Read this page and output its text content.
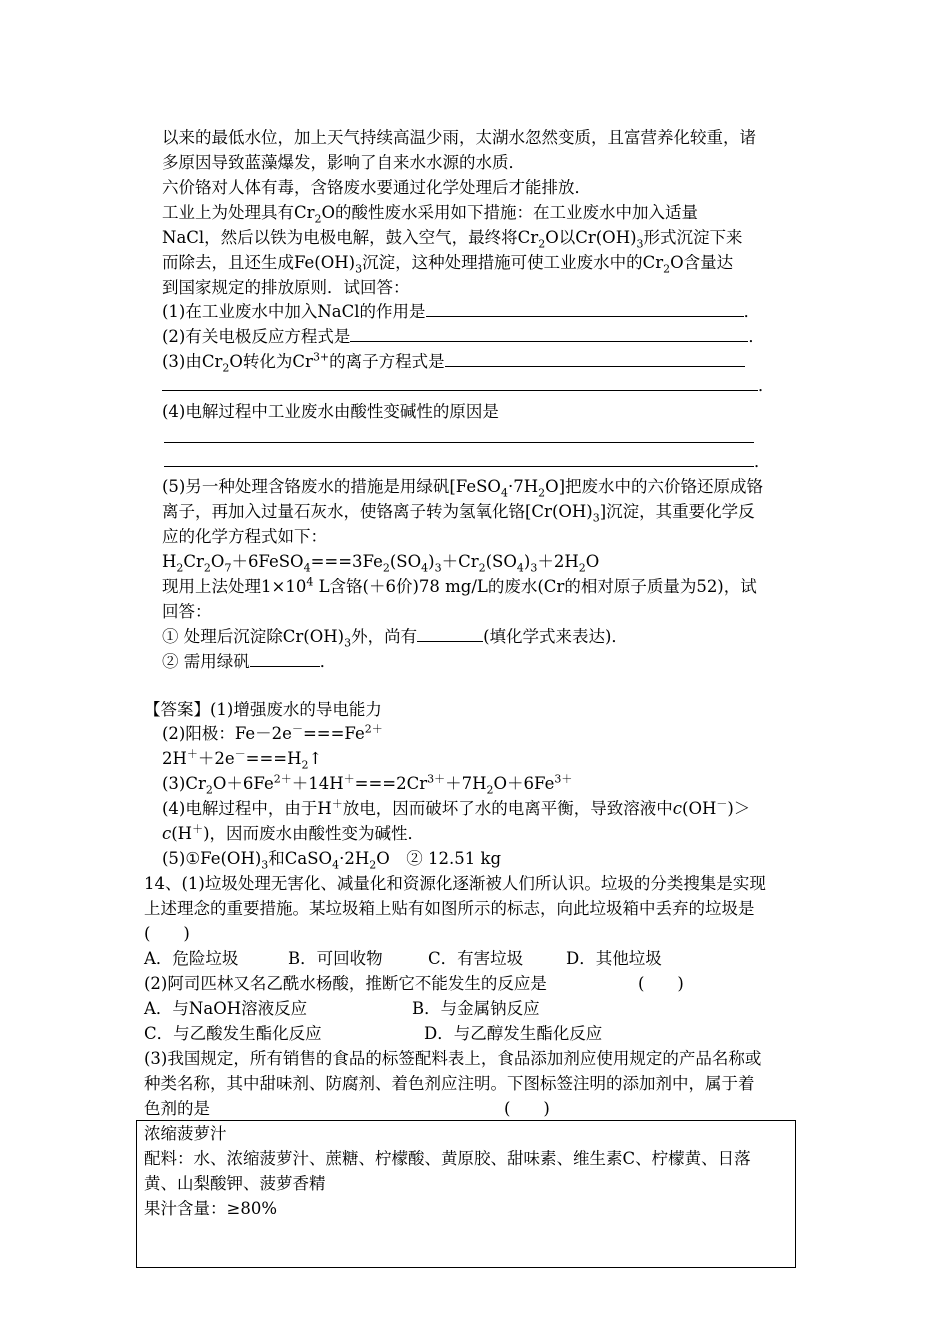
以来的最低水位，加上天气持续高温少雨，太湖水忽然变质，且富营养化较重，诸
多原因导致蓝藻爆发，影响了自来水水源的水质．
六价铬对人体有毒，含铬废水要通过化学处理后才能排放．
工业上为处理具有$Cr_2O$的酸性废水采用如下措施：在工业废水中加入适量
NaCl，然后以铁为电极电解，鼓入空气，最终将$Cr_2O$以$Cr(OH)_3$形式沉淀下来
而除去，且还生成$Fe(OH)_3$沉淀，这种处理措施可使工业废水中的$Cr_2O$含量达
到国家规定的排放原则．试回答：
(1)在工业废水中加入NaCl的作用是	．
(2)有关电极反应方程式是	．
(3)由$Cr_2O$转化为$Cr^{3+}$的离子方程式是
．
(4)电解过程中工业废水由酸性变碱性的原因是
．
(5)另一种处理含铬废水的措施是用绿矾$[FeSO_4\cdot 7H_2O]$把废水中的六价铬还原成铬
离子，再加入过量石灰水，使铬离子转为氢氧化铬$[Cr(OH)_3]$沉淀，其重要化学反
应的化学方程式如下：
$H_2Cr_2O_7+6FeSO_4===3Fe_2(SO_4)_3+Cr_2(SO_4)_3+2H_2O$
现用上法处理$1\times 10^4$ L含铬(＋6价)78 mg/L的废水(Cr的相对原子质量为52)，试
回答：
① 处理后沉淀除$Cr(OH)_3$外，尚有	(填化学式来表达)．
② 需用绿矾	．
【答案】(1)增强废水的导电能力
(2)阳极：$Fe-2e^-===Fe^{2+}$
$2H^++2e^-===H_2↑$
$(3)Cr_2O+6Fe^{2+}+14H^+===2Cr^{3+}+7H_2O+6Fe^{3+}$
(4)电解过程中，由于H＋放电，因而破坏了水的电离平衡，导致溶液中c(OH－)＞
c(H＋)，因而废水由酸性变为碱性．
$(5)①Fe(OH)_3$和$CaSO_4\cdot 2H_2O$　② 12.51 kg
14、(1)垃圾处理无害化、减量化和资源化逐渐被人们所认识。垃圾的分类搜集是实现
上述理念的重要措施。某垃圾箱上贴有如图所示的标志，向此垃圾箱中丢弃的垃圾是
(　　)
A．危险垃圾	B．可回收物	C．有害垃圾	D．其他垃圾
(2)阿司匹林又名乙酰水杨酸，推断它不能发生的反应是	(　　)
A．与NaOH溶液反应	B．与金属钠反应
C．与乙酸发生酯化反应	D．与乙醇发生酯化反应
(3)我国规定，所有销售的食品的标签配料表上，食品添加剂应使用规定的产品名称或
种类名称，其中甜味剂、防腐剂、着色剂应注明。下图标签注明的添加剂中，属于着
色剂的是	(　　)
浓缩菠萝汁
配料：水、浓缩菠萝汁、蔗糖、柠檬酸、黄原胶、甜味素、维生素C、柠檬黄、日落
黄、山梨酸钾、菠萝香精
果汁含量：≥80%
